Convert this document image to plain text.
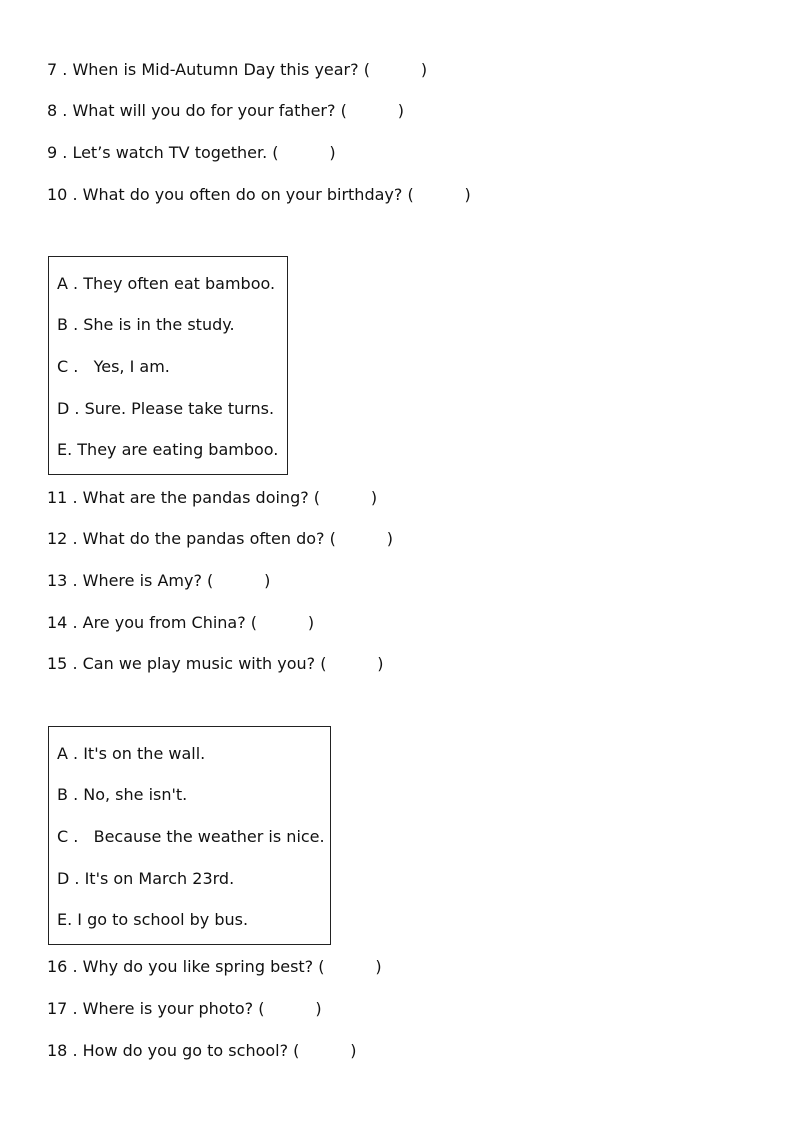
7 . When is Mid-Autumn Day this year? (          )
8 . What will you do for your father? (          )
9 . Let’s watch TV together. (          )
10 . What do you often do on your birthday? (          )
A . They often eat bamboo.
B . She is in the study.
C .   Yes, I am.
D . Sure. Please take turns.
E. They are eating bamboo.
11 . What are the pandas doing? (          )
12 . What do the pandas often do? (          )
13 . Where is Amy? (          )
14 . Are you from China? (          )
15 . Can we play music with you? (          )
A . It's on the wall.
B . No, she isn't.
C .   Because the weather is nice.
D . It's on March 23rd.
E. I go to school by bus.
16 . Why do you like spring best? (          )
17 . Where is your photo? (          )
18 . How do you go to school? (          )
